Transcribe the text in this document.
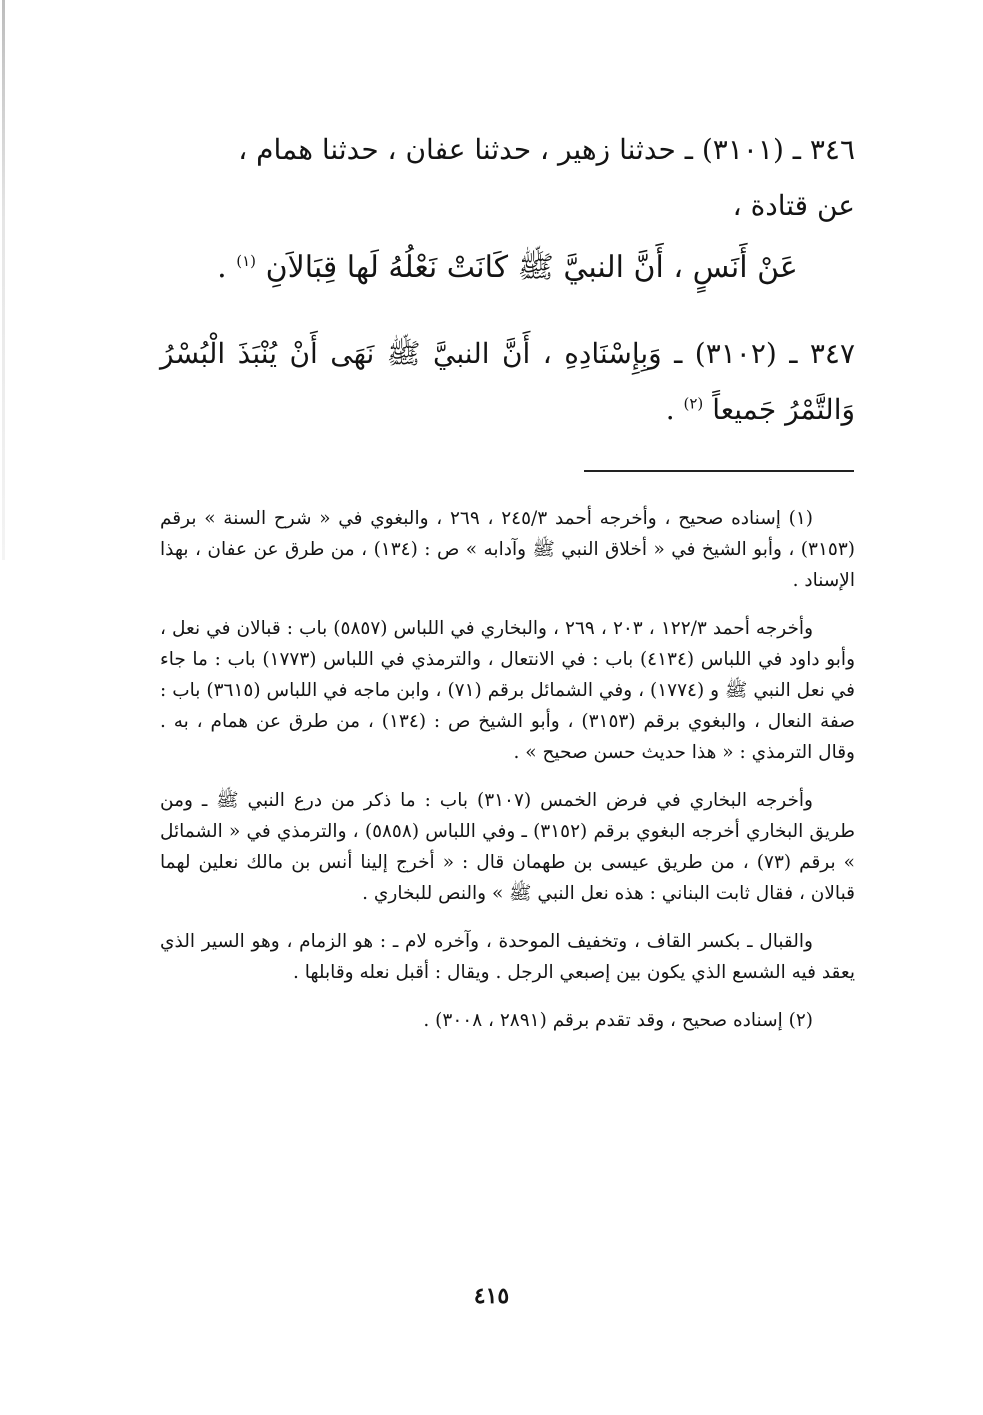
٣٤٦ ـ (٣١٠١) ـ حدثنا زهير ، حدثنا عفان ، حدثنا همام ،

عن قتادة ،

عَنْ أَنَسٍ ، أَنَّ النبيَّ ﷺ كَانَتْ نَعْلُهُ لَها قِبَالاَنِ $^{(١)}$ .

٣٤٧ ـ (٣١٠٢) ـ وَبِإِسْنَادِهِ ، أَنَّ النبيَّ ﷺ نَهَى أَنْ يُنْبَذَ الْبُسْرُ وَالتَّمْرُ جَميعاً $^{(٢)}$ .

(١) إسناده صحيح ، وأخرجه أحمد ٢٤٥/٣ ، ٢٦٩ ، والبغوي في « شرح السنة » برقم (٣١٥٣) ، وأبو الشيخ في « أخلاق النبي ﷺ وآدابه » ص : (١٣٤) ، من طرق عن عفان ، بهذا الإسناد .

وأخرجه أحمد ١٢٢/٣ ، ٢٠٣ ، ٢٦٩ ، والبخاري في اللباس (٥٨٥٧) باب : قبالان في نعل ، وأبو داود في اللباس (٤١٣٤) باب : في الانتعال ، والترمذي في اللباس (١٧٧٣) باب : ما جاء في نعل النبي ﷺ و (١٧٧٤) ، وفي الشمائل برقم (٧١) ، وابن ماجه في اللباس (٣٦١٥) باب : صفة النعال ، والبغوي برقم (٣١٥٣) ، وأبو الشيخ ص : (١٣٤) ، من طرق عن همام ، به . وقال الترمذي : « هذا حديث حسن صحيح » .

وأخرجه البخاري في فرض الخمس (٣١٠٧) باب : ما ذكر من درع النبي ﷺ ـ ومن طريق البخاري أخرجه البغوي برقم (٣١٥٢) ـ وفي اللباس (٥٨٥٨) ، والترمذي في « الشمائل » برقم (٧٣) ، من طريق عيسى بن طهمان قال : « أخرج إلينا أنس بن مالك نعلين لهما قبالان ، فقال ثابت البناني : هذه نعل النبي ﷺ » والنص للبخاري .

والقبال ـ بكسر القاف ، وتخفيف الموحدة ، وآخره لام ـ : هو الزمام ، وهو السير الذي يعقد فيه الشسع الذي يكون بين إصبعي الرجل . ويقال : أقبل نعله وقابلها .

(٢) إسناده صحيح ، وقد تقدم برقم (٢٨٩١ ، ٣٠٠٨) .

٤١٥
